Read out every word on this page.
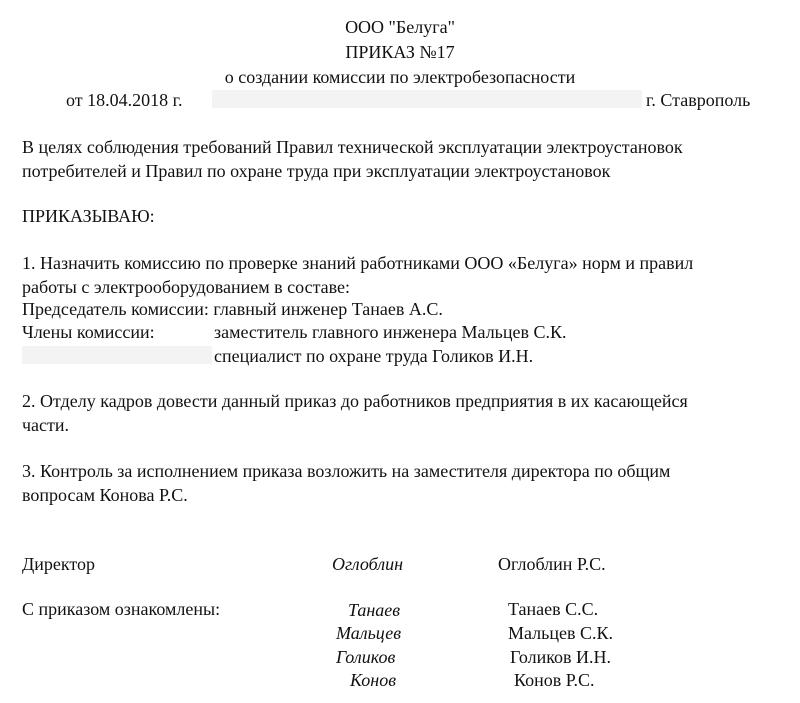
ООО "Белуга"
ПРИКАЗ №17
о создании комиссии по электробезопасности
от 18.04.2018 г.	г. Ставрополь
В целях соблюдения требований Правил технической эксплуатации электроустановок
потребителей и Правил по охране труда при эксплуатации электроустановок
ПРИКАЗЫВАЮ:
1. Назначить комиссию по проверке знаний работниками ООО «Белуга» норм и правил
работы с электрооборудованием в составе:
Председатель комиссии: главный инженер Танаев А.С.
Члены комиссии:	заместитель главного инженера Мальцев С.К.
специалист по охране труда Голиков И.Н.
2. Отделу кадров довести данный приказ до работников предприятия в их касающейся
части.
3. Контроль за исполнением приказа возложить на заместителя директора по общим
вопросам Конова Р.С.
Директор	Оглоблин	Оглоблин Р.С.
С приказом ознакомлены:	Танаев	Танаев С.С.
Мальцев	Мальцев С.К.
Голиков	Голиков И.Н.
Конов	Конов Р.С.
